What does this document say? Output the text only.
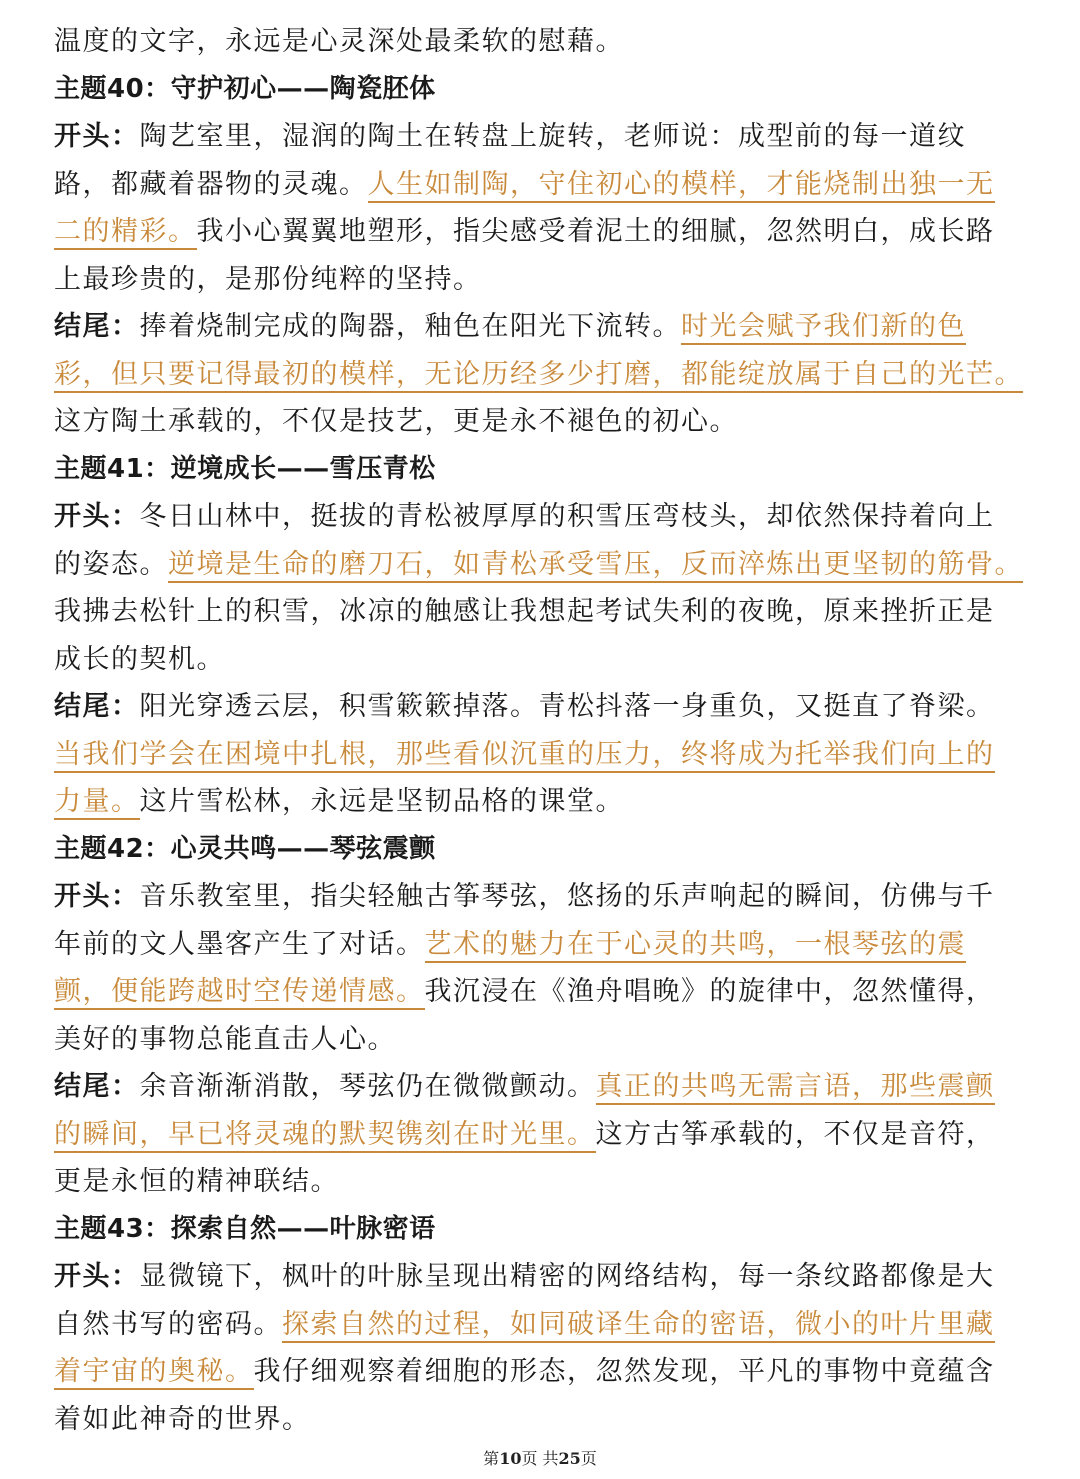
温度的文字，永远是心灵深处最柔软的慰藉。
主题40：守护初心——陶瓷胚体
开头：陶艺室里，湿润的陶土在转盘上旋转，老师说：成型前的每一道纹
路，都藏着器物的灵魂。人生如制陶，守住初心的模样，才能烧制出独一无
二的精彩。我小心翼翼地塑形，指尖感受着泥土的细腻，忽然明白，成长路
上最珍贵的，是那份纯粹的坚持。
结尾：捧着烧制完成的陶器，釉色在阳光下流转。时光会赋予我们新的色
彩，但只要记得最初的模样，无论历经多少打磨，都能绽放属于自己的光芒。
这方陶土承载的，不仅是技艺，更是永不褪色的初心。
主题41：逆境成长——雪压青松
开头：冬日山林中，挺拔的青松被厚厚的积雪压弯枝头，却依然保持着向上
的姿态。逆境是生命的磨刀石，如青松承受雪压，反而淬炼出更坚韧的筋骨。
我拂去松针上的积雪，冰凉的触感让我想起考试失利的夜晚，原来挫折正是
成长的契机。
结尾：阳光穿透云层，积雪簌簌掉落。青松抖落一身重负，又挺直了脊梁。
当我们学会在困境中扎根，那些看似沉重的压力，终将成为托举我们向上的
力量。这片雪松林，永远是坚韧品格的课堂。
主题42：心灵共鸣——琴弦震颤
开头：音乐教室里，指尖轻触古筝琴弦，悠扬的乐声响起的瞬间，仿佛与千
年前的文人墨客产生了对话。艺术的魅力在于心灵的共鸣，一根琴弦的震
颤，便能跨越时空传递情感。我沉浸在《渔舟唱晚》的旋律中，忽然懂得，
美好的事物总能直击人心。
结尾：余音渐渐消散，琴弦仍在微微颤动。真正的共鸣无需言语，那些震颤
的瞬间，早已将灵魂的默契镌刻在时光里。这方古筝承载的，不仅是音符，
更是永恒的精神联结。
主题43：探索自然——叶脉密语
开头：显微镜下，枫叶的叶脉呈现出精密的网络结构，每一条纹路都像是大
自然书写的密码。探索自然的过程，如同破译生命的密语，微小的叶片里藏
着宇宙的奥秘。我仔细观察着细胞的形态，忽然发现，平凡的事物中竟蕴含
着如此神奇的世界。
第10页 共25页
